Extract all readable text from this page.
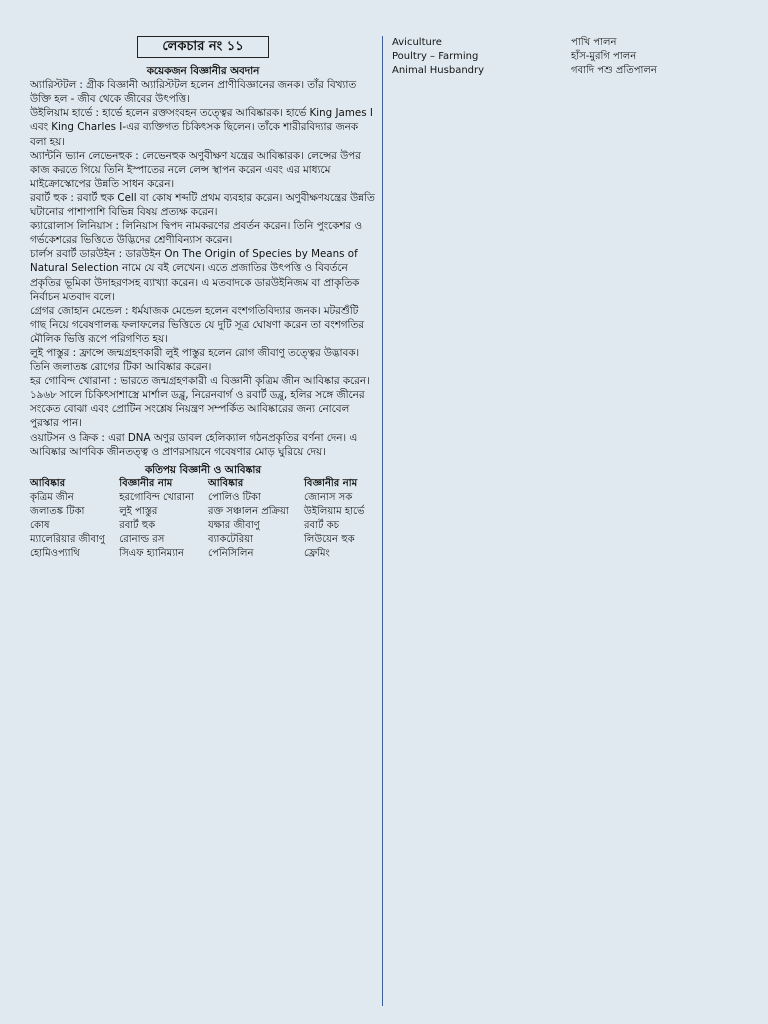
লেকচার নং ১১
কয়েকজন বিজ্ঞানীর অবদান
অ্যারিস্টটল : গ্রীক বিজ্ঞানী অ্যারিস্টটল হলেন প্রাণীবিজ্ঞানের জনক। তাঁর বিখ্যাত উক্তি হল - জীব থেকে জীবের উৎপত্তি।
উইলিয়াম হার্ভে : হার্ভে হলেন রক্তসংবহন তত্ত্বের আবিষ্কারক। হার্ভে King James I এবং King Charles I-এর ব্যক্তিগত চিকিৎসক ছিলেন। তাঁকে শারীরবিদ্যার জনক বলা হয়।
অ্যান্টনি ভ্যান লেভেনহুক : লেভেনহুক অণুবীক্ষণ যন্ত্রের আবিষ্কারক। লেন্সের উপর কাজ করতে গিয়ে তিনি ইস্পাতের নলে লেন্স স্থাপন করেন এবং এর মাধ্যমে মাইক্রোস্কোপের উন্নতি সাধন করেন।
রবার্ট হুক : রবার্ট হুক Cell বা কোষ শব্দটি প্রথম ব্যবহার করেন। অণুবীক্ষণযন্ত্রের উন্নতি ঘটানোর পাশাপাশি বিভিন্ন বিষয় প্রত্যক্ষ করেন।
ক্যারোলাস লিনিয়াস : লিনিয়াস দ্বিপদ নামকরণের প্রবর্তন করেন। তিনি পুংকেশর ও গর্ভকেশরের ভিত্তিতে উদ্ভিদের শ্রেণীবিন্যাস করেন।
চার্লস রবার্ট ডারউইন : ডারউইন On The Origin of Species by Means of Natural Selection নামে যে বই লেখেন। এতে প্রজাতির উৎপত্তি ও বিবর্তনে প্রকৃতির ভূমিকা উদাহরণসহ ব্যাখ্যা করেন। এ মতবাদকে ডারউইনিজম বা প্রাকৃতিক নির্বাচন মতবাদ বলে।
গ্রেগর জোহান মেন্ডেল : ধর্মযাজক মেন্ডেল হলেন বংশগতিবিদ্যার জনক। মটরশুঁটি গাছ নিয়ে গবেষণালব্ধ ফলাফলের ভিত্তিতে যে দুটি সূত্র ঘোষণা করেন তা বংশগতির মৌলিক ভিত্তি রূপে পরিগণিত হয়।
লুই পাস্তুর : ফ্রান্সে জন্মগ্রহণকারী লুই পাস্তুর হলেন রোগ জীবাণু তত্ত্বের উদ্ভাবক। তিনি জলাতঙ্ক রোগের টিকা আবিষ্কার করেন।
হর গোবিন্দ খোরানা : ভারতে জন্মগ্রহণকারী এ বিজ্ঞানী কৃত্রিম জীন আবিষ্কার করেন। ১৯৬৮ সালে চিকিৎসাশাস্ত্রে মার্শাল ডব্লু, নিরেনবার্গ ও রবার্ট ডব্লু, হলির সঙ্গে জীনের সংকেত বোঝা এবং প্রোটিন সংশ্লেষ নিয়ন্ত্রণ সম্পর্কিত আবিষ্কারের জন্য নোবেল পুরস্কার পান।
ওয়াটসন ও ক্রিক : এরা DNA অণুর ডাবল হেলিক্যাল গঠনপ্রকৃতির বর্ণনা দেন। এ আবিষ্কার আণবিক জীনতত্ত্ব ও প্রাণরসায়নে গবেষণার মোড় ঘুরিয়ে দেয়।
কতিপয় বিজ্ঞানী ও আবিষ্কার
আবিষ্কার	বিজ্ঞানীর নাম	আবিষ্কার	বিজ্ঞানীর নাম
কৃত্রিম জীন	হরগোবিন্দ খোরানা	পোলিও টিকা	জোনাস সক
জলাতঙ্ক টিকা	লুই পাস্তুর	রক্ত সঞ্চালন প্রক্রিয়া	উইলিয়াম হার্ভে
কোষ	রবার্ট হুক	যক্ষার জীবাণু	রবার্ট কচ
ম্যালেরিয়ার জীবাণু	রোনাল্ড রস	ব্যাকটেরিয়া	লিউয়েন হুক
হোমিওপ্যাথি	সিএফ হ্যানিম্যান	পেনিসিলিন	ফ্রেমিং
Aviculture	পাখি পালন
Poultry – Farming	হাঁস-মুরগি পালন
Animal Husbandry	গবাদি পশু প্রতিপালন
